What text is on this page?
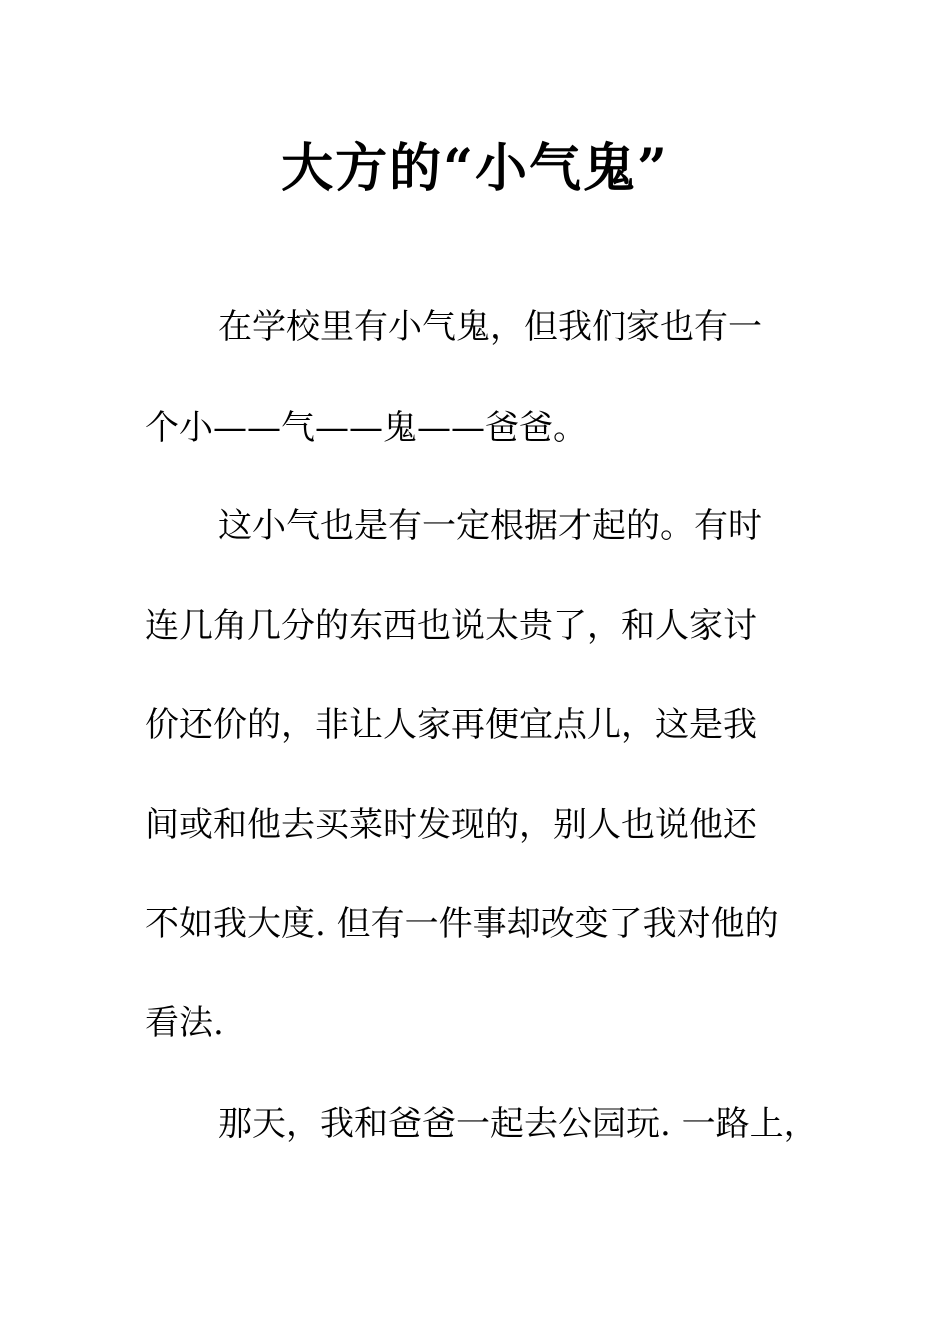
大方的“小气鬼”
在学校里有小气鬼，但我们家也有一
个小——气——鬼——爸爸。
这小气也是有一定根据才起的。有时
连几角几分的东西也说太贵了，和人家讨
价还价的，非让人家再便宜点儿，这是我
间或和他去买菜时发现的，别人也说他还
不如我大度. 但有一件事却改变了我对他的
看法.
那天，我和爸爸一起去公园玩. 一路上，
